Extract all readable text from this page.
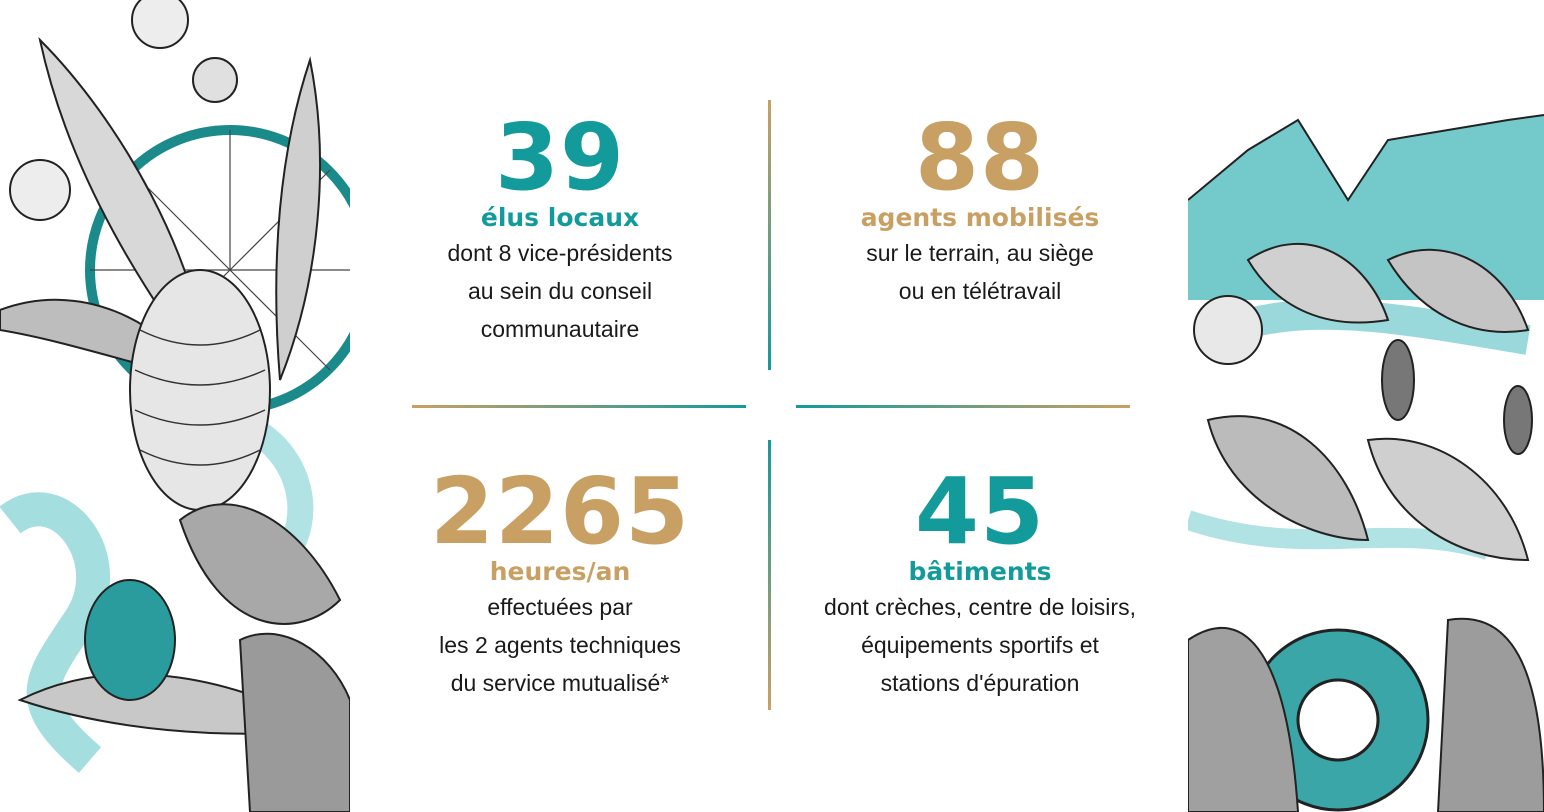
39
élus locaux
dont 8 vice-présidents
au sein du conseil
communautaire
88
agents mobilisés
sur le terrain, au siège
ou en télétravail
2265
heures/an
effectuées par
les 2 agents techniques
du service mutualisé*
45
bâtiments
dont crèches, centre de loisirs,
équipements sportifs et
stations d'épuration
